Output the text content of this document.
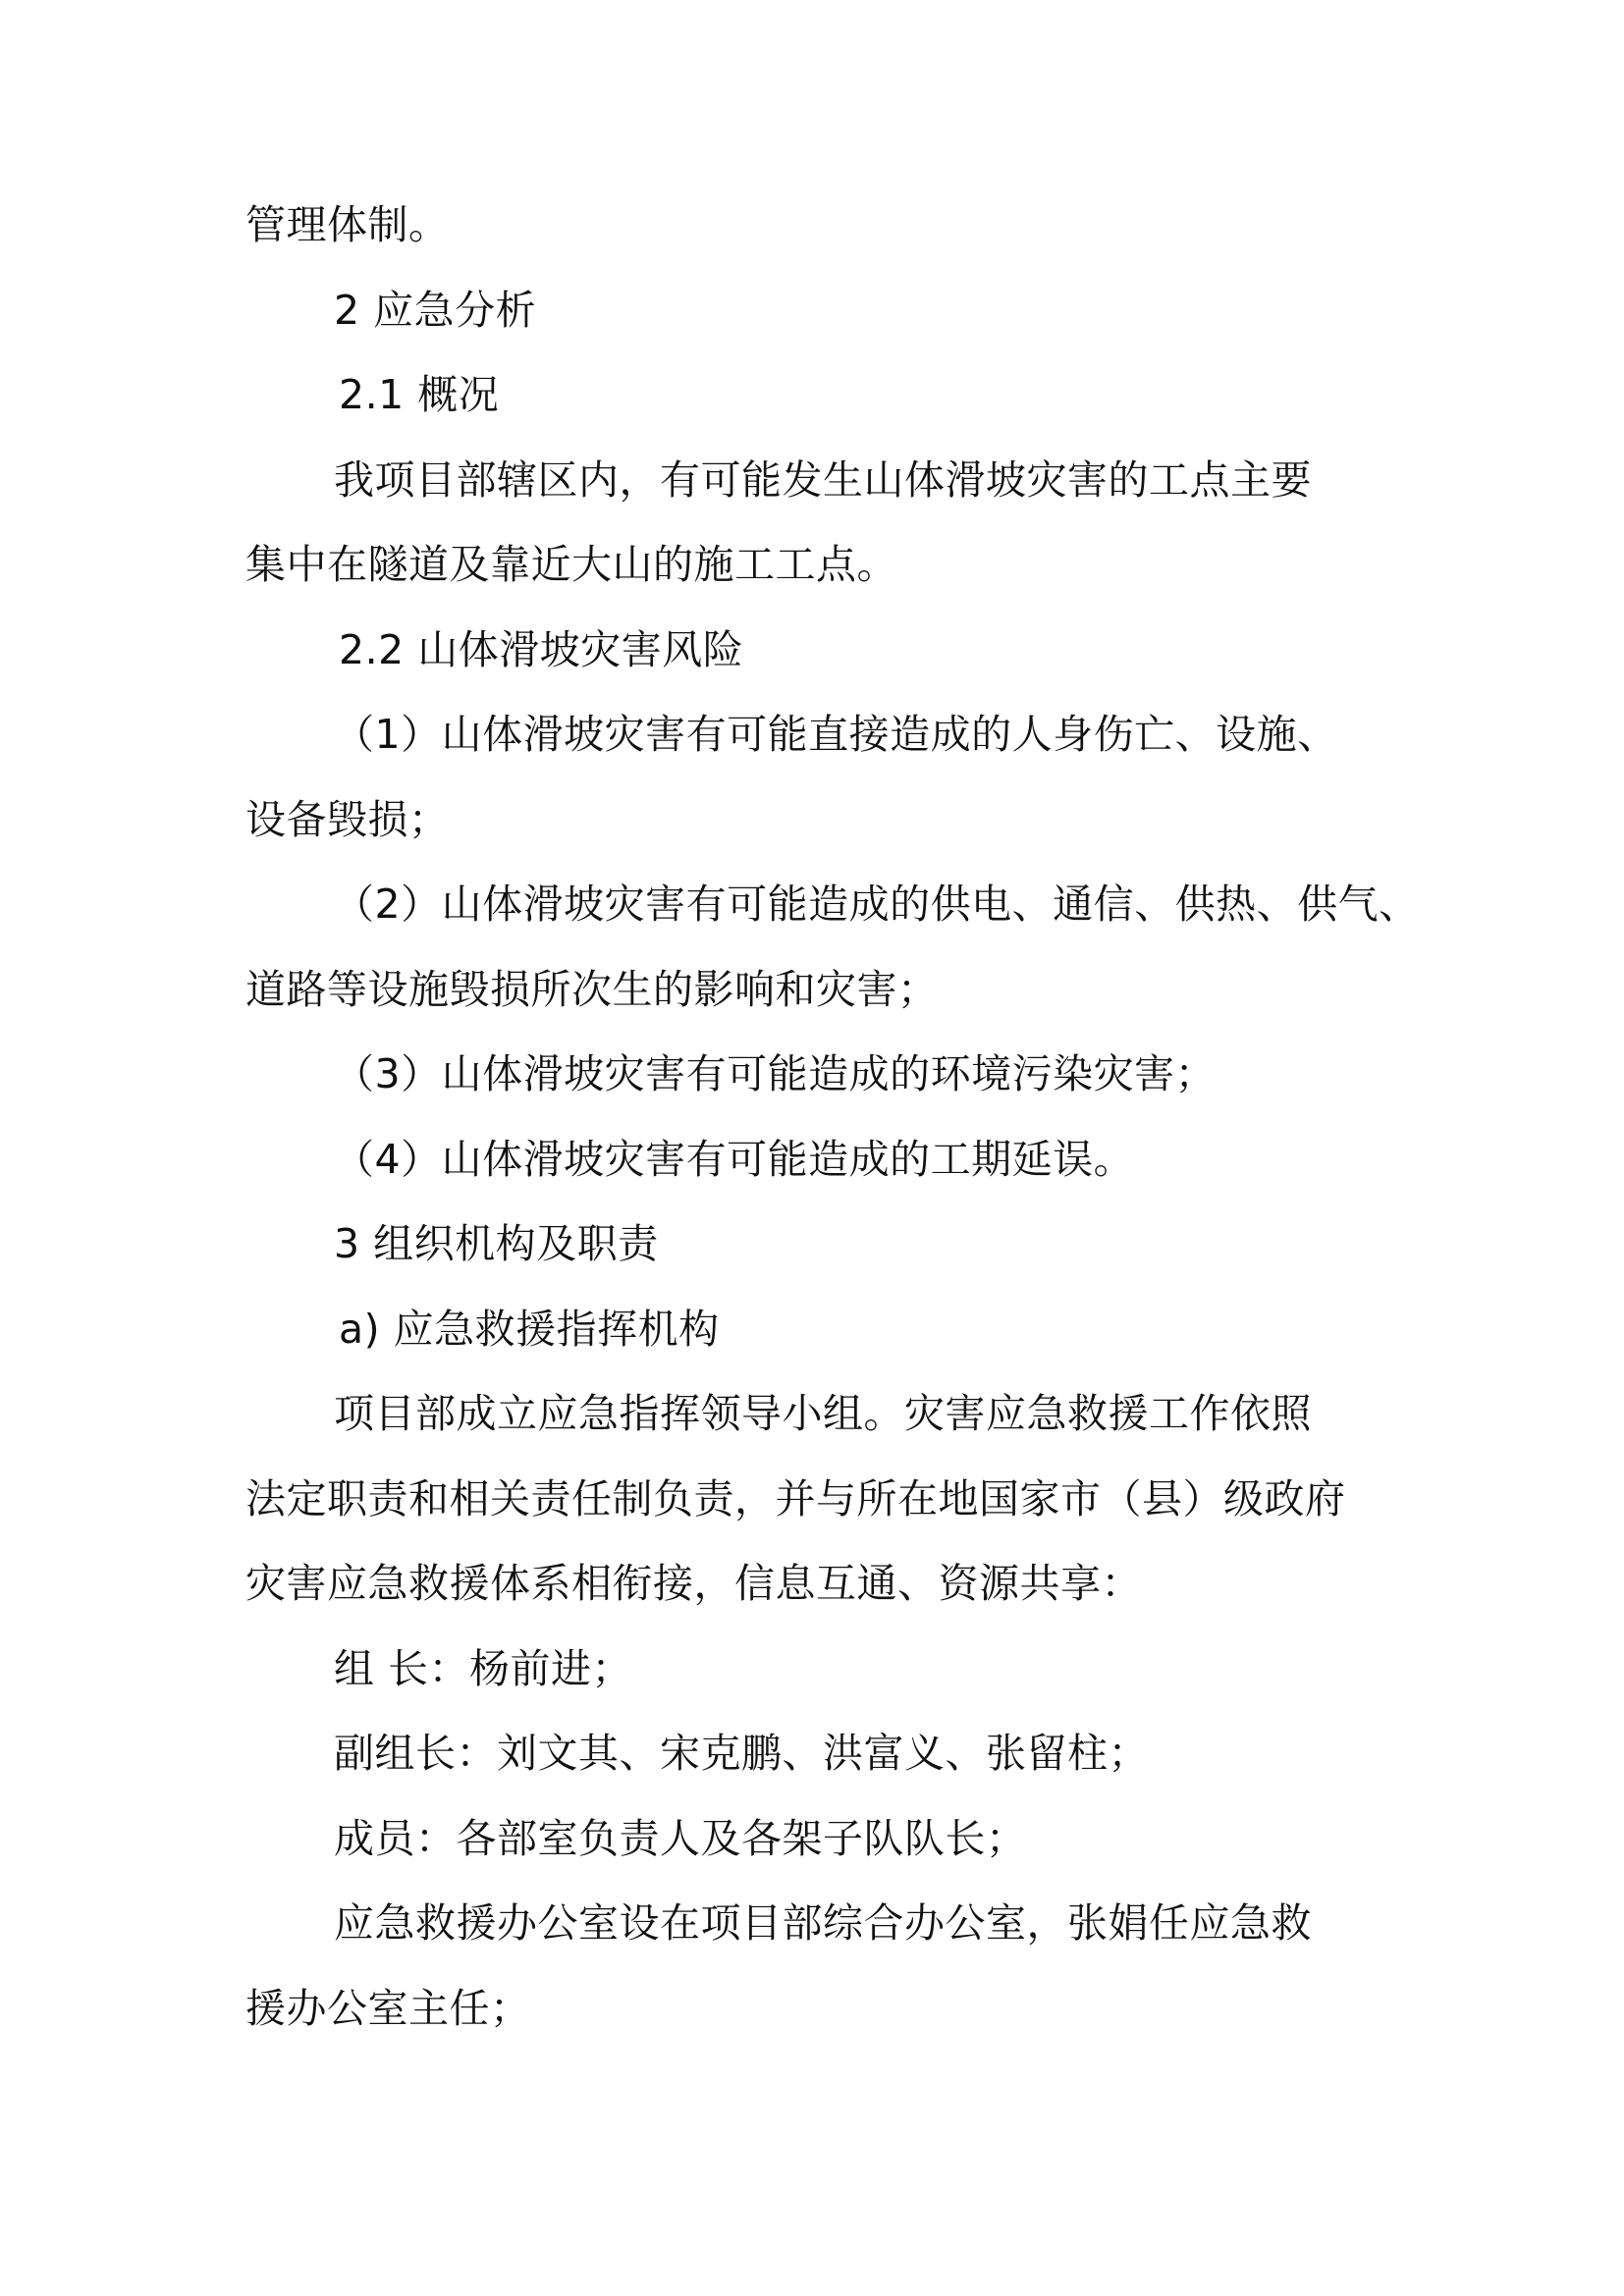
管理体制。
2 应急分析
2.1 概况
我项目部辖区内，有可能发生山体滑坡灾害的工点主要
集中在隧道及靠近大山的施工工点。
2.2 山体滑坡灾害风险
（1）山体滑坡灾害有可能直接造成的人身伤亡、设施、
设备毁损；
（2）山体滑坡灾害有可能造成的供电、通信、供热、供气、
道路等设施毁损所次生的影响和灾害；
（3）山体滑坡灾害有可能造成的环境污染灾害；
（4）山体滑坡灾害有可能造成的工期延误。
3 组织机构及职责
a) 应急救援指挥机构
项目部成立应急指挥领导小组。灾害应急救援工作依照
法定职责和相关责任制负责，并与所在地国家市（县）级政府
灾害应急救援体系相衔接，信息互通、资源共享：
组 长：杨前进；
副组长：刘文其、宋克鹏、洪富义、张留柱；
成员：各部室负责人及各架子队队长；
应急救援办公室设在项目部综合办公室，张娟任应急救
援办公室主任；
